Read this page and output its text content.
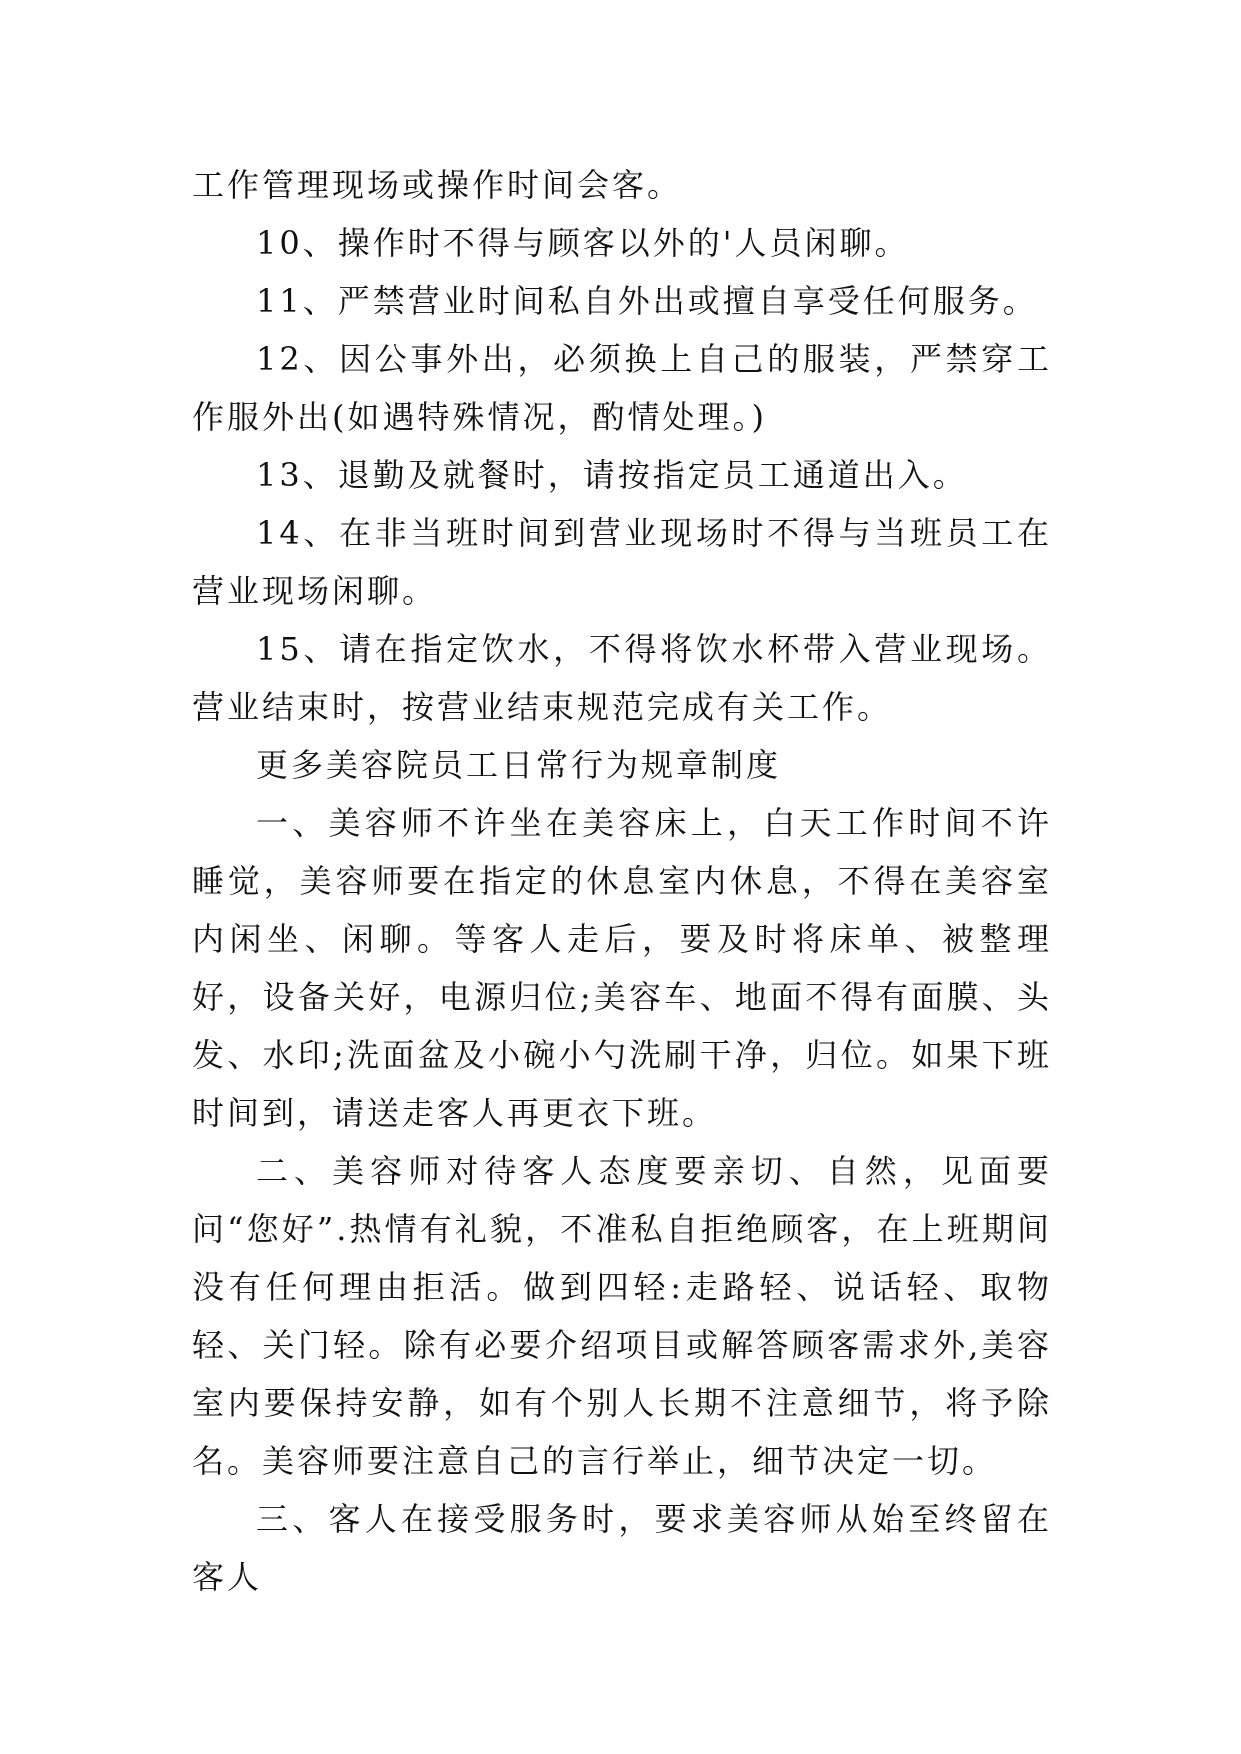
工作管理现场或操作时间会客。

10、操作时不得与顾客以外的'人员闲聊。

11、严禁营业时间私自外出或擅自享受任何服务。

12、因公事外出，必须换上自己的服装，严禁穿工作服外出(如遇特殊情况，酌情处理。)

13、退勤及就餐时，请按指定员工通道出入。

14、在非当班时间到营业现场时不得与当班员工在营业现场闲聊。

15、请在指定饮水，不得将饮水杯带入营业现场。营业结束时，按营业结束规范完成有关工作。

更多美容院员工日常行为规章制度

一、美容师不许坐在美容床上，白天工作时间不许睡觉，美容师要在指定的休息室内休息，不得在美容室内闲坐、闲聊。等客人走后，要及时将床单、被整理好，设备关好，电源归位;美容车、地面不得有面膜、头发、水印;洗面盆及小碗小勺洗刷干净，归位。如果下班时间到，请送走客人再更衣下班。

二、美容师对待客人态度要亲切、自然，见面要问“您好”.热情有礼貌，不准私自拒绝顾客，在上班期间没有任何理由拒活。做到四轻:走路轻、说话轻、取物轻、关门轻。除有必要介绍项目或解答顾客需求外,美容室内要保持安静，如有个别人长期不注意细节，将予除名。美容师要注意自己的言行举止，细节决定一切。

三、客人在接受服务时，要求美容师从始至终留在客人
